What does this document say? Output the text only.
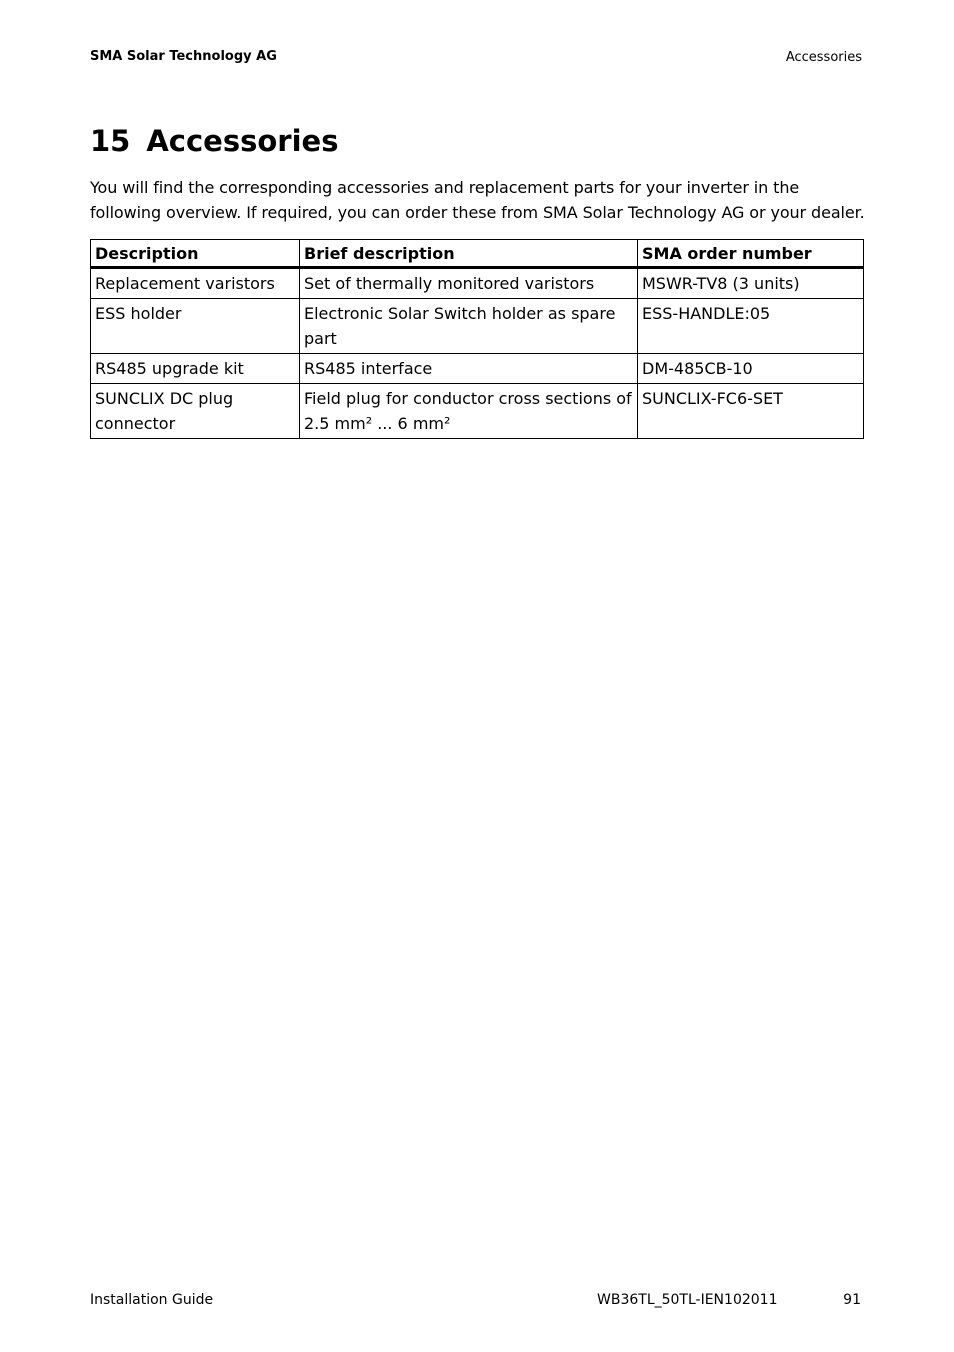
SMA Solar Technology AG	Accessories
15 Accessories

You will find the corresponding accessories and replacement parts for your inverter in the following overview. If required, you can order these from SMA Solar Technology AG or your dealer.

Description	Brief description	SMA order number
Replacement varistors	Set of thermally monitored varistors	MSWR-TV8 (3 units)
ESS holder	Electronic Solar Switch holder as spare part	ESS-HANDLE:05
RS485 upgrade kit	RS485 interface	DM-485CB-10
SUNCLIX DC plug connector	Field plug for conductor cross sections of 2.5 mm² ... 6 mm²	SUNCLIX-FC6-SET
Installation Guide	WB36TL_50TL-IEN102011	91
